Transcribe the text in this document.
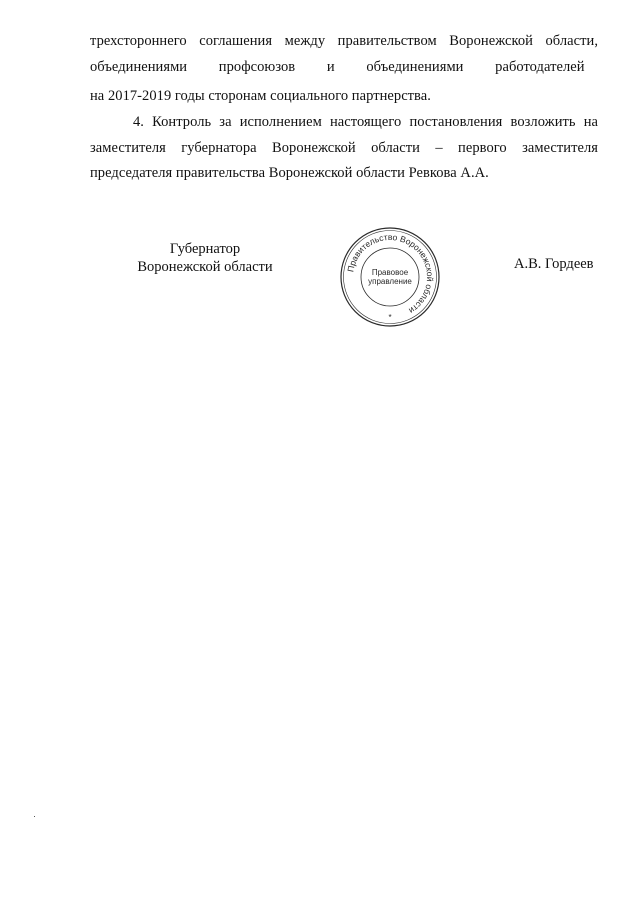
трехстороннего соглашения между правительством Воронежской области,
объединениями профсоюзов и объединениями работодателей
на 2017-2019 годы сторонам социального партнерства.
4. Контроль за исполнением настоящего постановления возложить на
заместителя губернатора Воронежской области – первого заместителя
председателя правительства Воронежской области Ревкова А.А.
Губернатор
Воронежской области	Правительство Воронежской области
Правовое
управление
*
А.В. Гордеев
